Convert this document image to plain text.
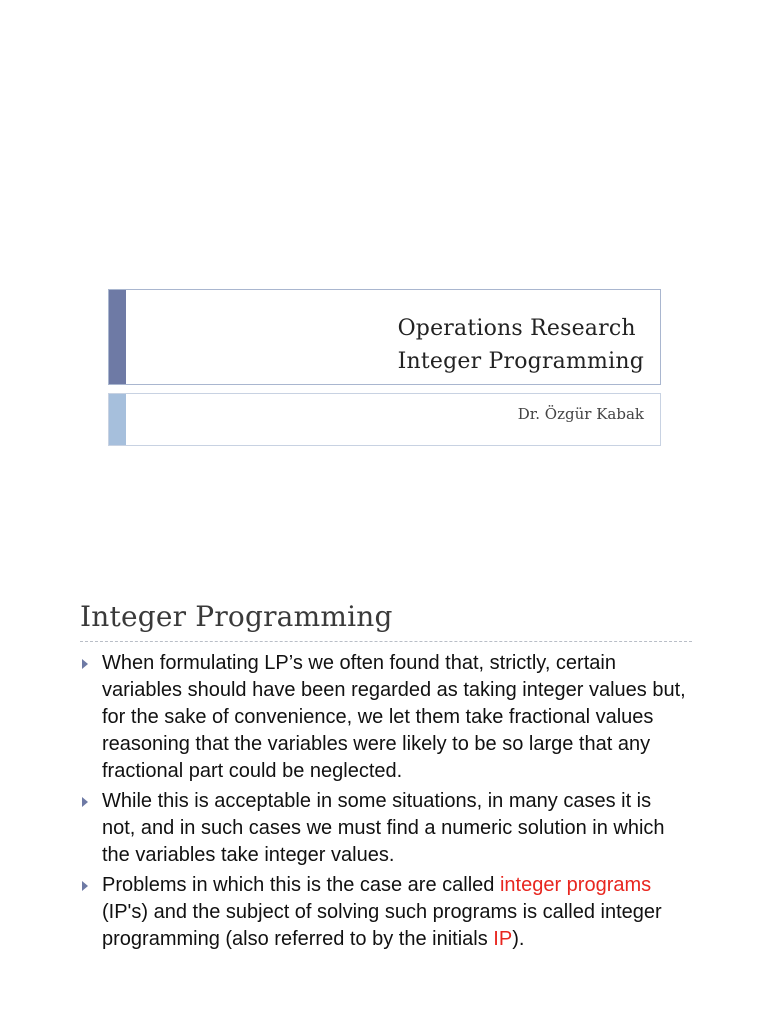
Operations Research
Integer Programming
Dr. Özgür Kabak
Integer Programming
When formulating LP’s we often found that, strictly, certain variables should have been regarded as taking integer values but, for the sake of convenience, we let them take fractional values reasoning that the variables were likely to be so large that any fractional part could be neglected.
While this is acceptable in some situations, in many cases it is not, and in such cases we must find a numeric solution in which the variables take integer values.
Problems in which this is the case are called integer programs (IP's) and the subject of solving such programs is called integer programming (also referred to by the initials IP).
